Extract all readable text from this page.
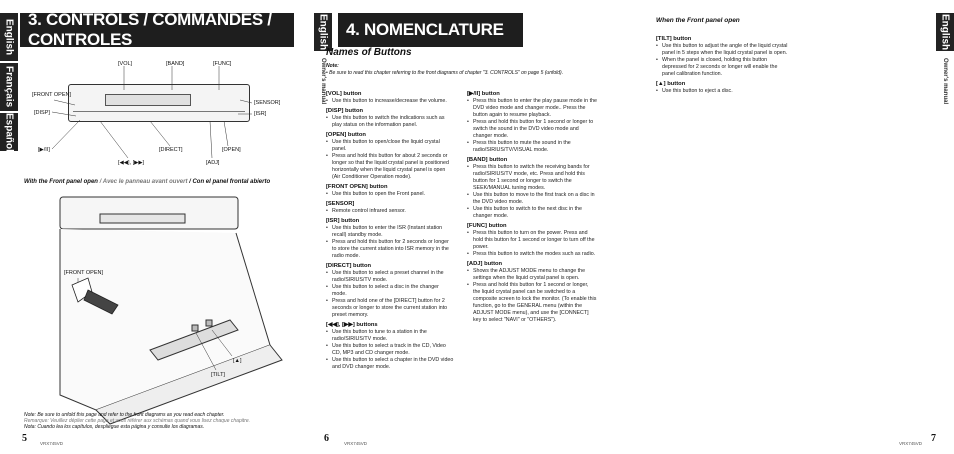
English
Français
Español
3. CONTROLS / COMMANDES / CONTROLES
[VOL]	[BAND]	[FUNC]
[FRONT OPEN]
[DISP]
[SENSOR]
[ISR]
[▶/II]
[◀◀], [▶▶]
[DIRECT]	[OPEN]
[ADJ]
[FRONT OPEN]
[▲]
[TILT]
With the Front panel open / Avec le panneau avant ouvert / Con el panel frontal abierto
Note: Be sure to unfold this page and refer to the front diagrams as you read each chapter.
Remarque: Veuillez déplier cette page et vous référer aux schémas quand vous lisez chaque chapitre.
Nota: Cuando lea los capítulos, despliegue esta página y consulte los diagramas.
5	VRX745VD
English
Owner's manual
4. NOMENCLATURE
6	VRX745VD
Names of Buttons
Note:
• Be sure to read this chapter referring to the front diagrams of chapter "3. CONTROLS" on page 5 (unfold).
[VOL] button
• Use this button to increase/decrease the volume.
[DISP] button
• Use this button to switch the indications such as play status on the information panel.
[OPEN] button
• Use this button to open/close the liquid crystal panel.
• Press and hold this button for about 2 seconds or longer so that the liquid crystal panel is positioned horizontally when the liquid crystal panel is open (Air Conditioner Operation mode).
[FRONT OPEN] button
• Use this button to open the Front panel.
[SENSOR]
• Remote control infrared sensor.
[ISR] button
• Use this button to enter the ISR (Instant station recall) standby mode.
• Press and hold this button for 2 seconds or longer to store the current station into ISR memory in the radio mode.
[DIRECT] button
• Use this button to select a preset channel in the radio/SIRIUS/TV mode.
• Use this button to select a disc in the changer mode.
• Press and hold one of the [DIRECT] button for 2 seconds or longer to store the current station into preset memory.
[◀◀], [▶▶] buttons
• Use this button to tune to a station in the radio/SIRIUS/TV mode.
• Use this button to select a track in the CD, Video CD, MP3 and CD changer mode.
• Use this button to select a chapter in the DVD video and DVD changer mode.
[▶/II] button
• Press this button to enter the play pause mode in the DVD video mode and changer mode.. Press the button again to resume playback.
• Press and hold this button for 1 second or longer to switch the sound in the DVD video mode and changer mode.
• Press this button to mute the sound in the radio/SIRIUS/TV/VISUAL mode.
[BAND] button
• Press this button to switch the receiving bands for radio/SIRIUS/TV mode, etc. Press and hold this button for 1 second or longer to switch the SEEK/MANUAL tuning modes.
• Use this button to move to the first track on a disc in the DVD video mode.
• Use this button to switch to the next disc in the changer mode.
[FUNC] button
• Press this button to turn on the power. Press and hold this button for 1 second or longer to turn off the power.
• Press this button to switch the modes such as radio.
[ADJ] button
• Shows the ADJUST MODE menu to change the settings when the liquid crystal panel is open.
• Press and hold this button for 1 second or longer, the liquid crystal panel can be switched to a composite screen to lock the monitor. (To enable this function, go to the GENERAL menu (within the ADJUST MODE menu), and use the [CONNECT] key to select "NAVI" or "OTHERS").
English
Owner's manual
7
VRX745VD
When the Front panel open
[TILT] button
• Use this button to adjust the angle of the liquid crystal panel in 5 steps when the liquid crystal panel is open.
• When the panel is closed, holding this button depressed for 2 seconds or longer will enable the panel calibration function.
[▲] button
• Use this button to eject a disc.
